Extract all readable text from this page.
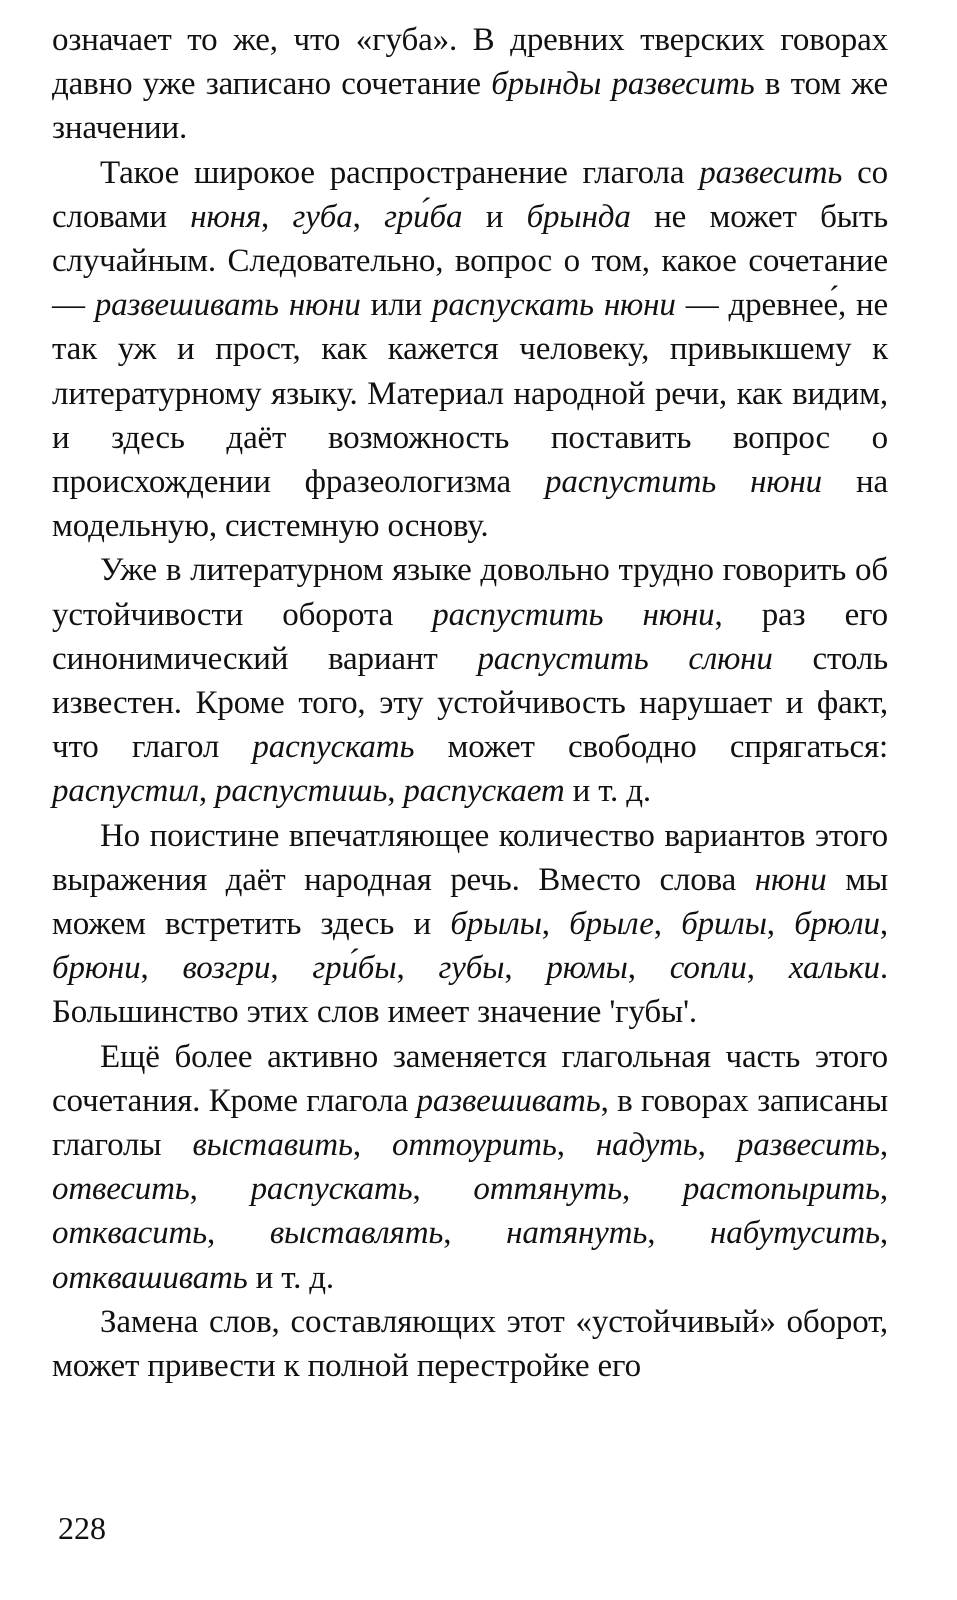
означает то же, что «губа». В древних тверских говорах давно уже записано сочетание брынды развесить в том же значении.

Такое широкое распространение глагола развесить со словами нюня, губа, гри́ба и брында не может быть случайным. Следовательно, вопрос о том, какое сочетание — развешивать нюни или распускать нюни — древнее́, не так уж и прост, как кажется человеку, привыкшему к литературному языку. Материал народной речи, как видим, и здесь даёт возможность поставить вопрос о происхождении фразеологизма распустить нюни на модельную, системную основу.

Уже в литературном языке довольно трудно говорить об устойчивости оборота распустить нюни, раз его синонимический вариант распустить слюни столь известен. Кроме того, эту устойчивость нарушает и факт, что глагол распускать может свободно спрягаться: распустил, распустишь, распускает и т. д.

Но поистине впечатляющее количество вариантов этого выражения даёт народная речь. Вместо слова нюни мы можем встретить здесь и брылы, брыле, брилы, брюли, брюни, возгри, гри́бы, губы, рюмы, сопли, хальки. Большинство этих слов имеет значение 'губы'.

Ещё более активно заменяется глагольная часть этого сочетания. Кроме глагола развешивать, в говорах записаны глаголы выставить, оттоурить, надуть, развесить, отвесить, распускать, оттянуть, растопырить, отквасить, выставлять, натянуть, набутусить, отквашивать и т. д.

Замена слов, составляющих этот «устойчивый» оборот, может привести к полной перестройке его

228
